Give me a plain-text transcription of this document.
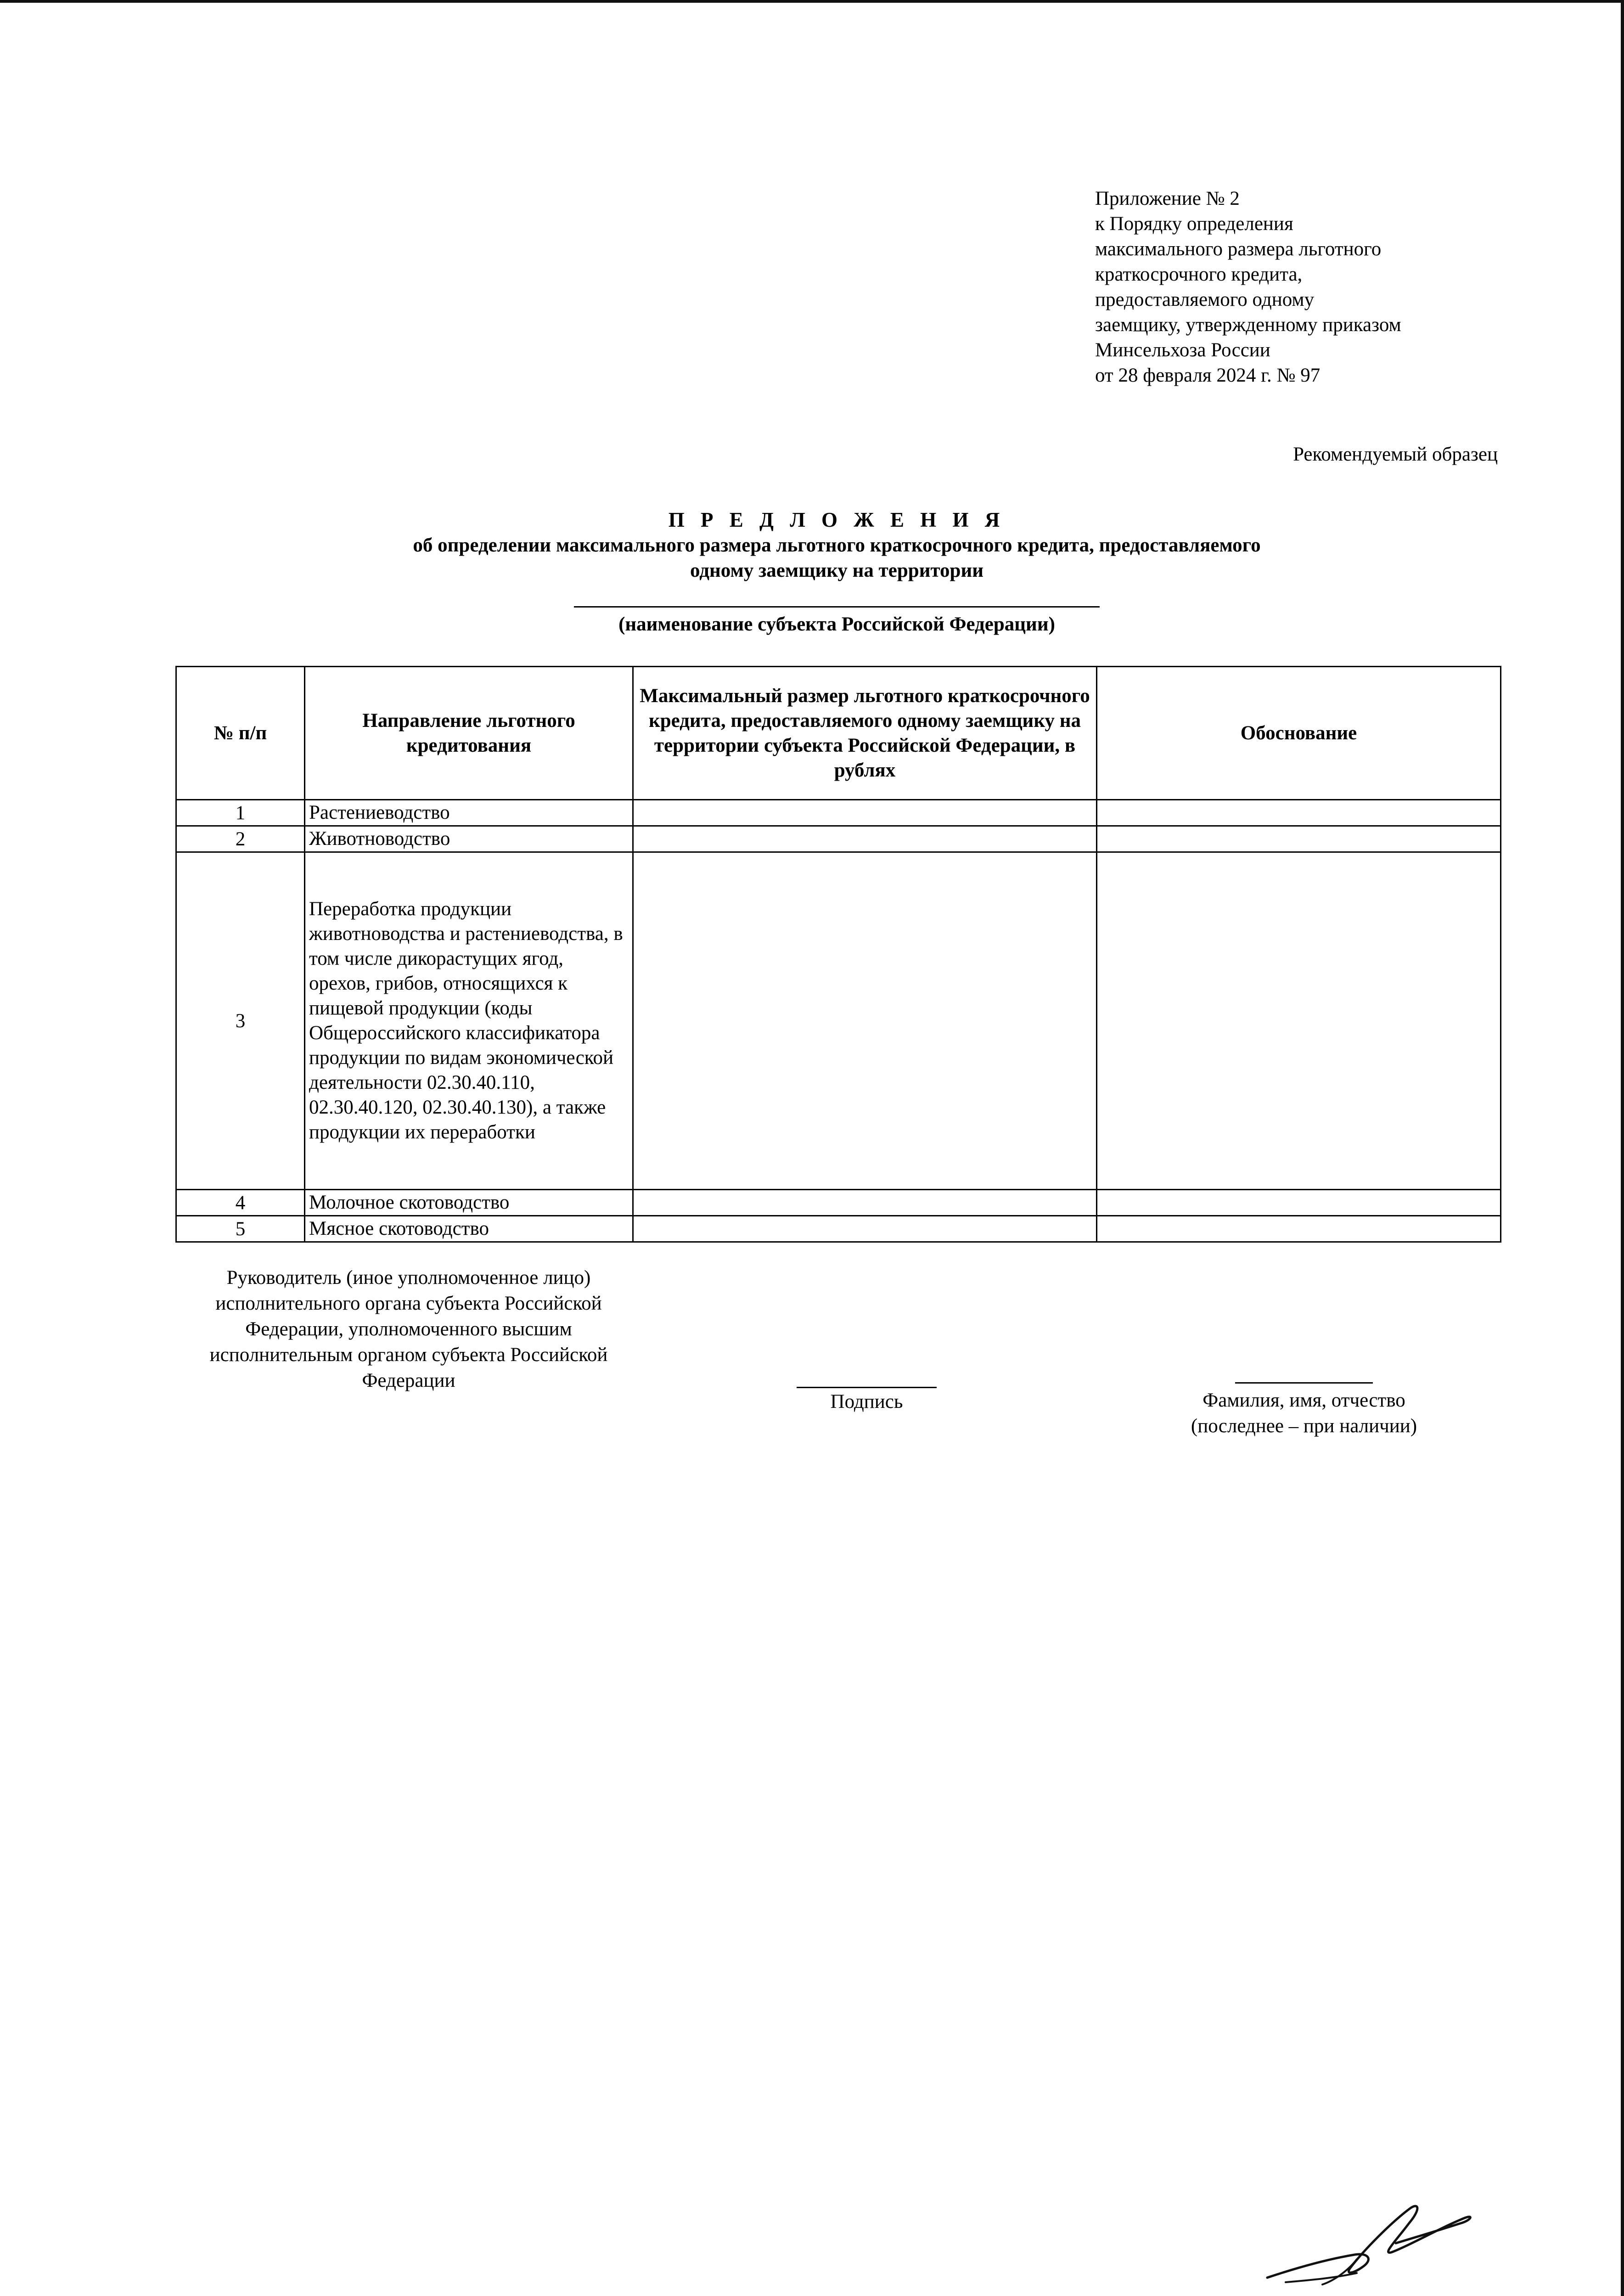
Приложение № 2
к Порядку определения
максимального размера льготного
краткосрочного кредита,
предоставляемого одному
заемщику, утвержденному приказом
Минсельхоза России
от 28 февраля 2024 г. № 97
Рекомендуемый образец
П Р Е Д Л О Ж Е Н И Я
об определении максимального размера льготного краткосрочного кредита, предоставляемого
одному заемщику на территории
(наименование субъекта Российской Федерации)
№ п/п	Направление льготного кредитования	Максимальный размер льготного краткосрочного кредита, предоставляемого одному заемщику на территории субъекта Российской Федерации, в рублях	Обоснование
1	Растениеводство		
2	Животноводство		
3	Переработка продукции животноводства и растениеводства, в том числе дикорастущих ягод, орехов, грибов, относящихся к пищевой продукции (коды Общероссийского классификатора продукции по видам экономической деятельности 02.30.40.110, 02.30.40.120, 02.30.40.130), а также продукции их переработки		
4	Молочное скотоводство		
5	Мясное скотоводство		
Руководитель (иное уполномоченное лицо) исполнительного органа субъекта Российской Федерации, уполномоченного высшим исполнительным органом субъекта Российской Федерации
Подпись	Фамилия, имя, отчество
(последнее – при наличии)
